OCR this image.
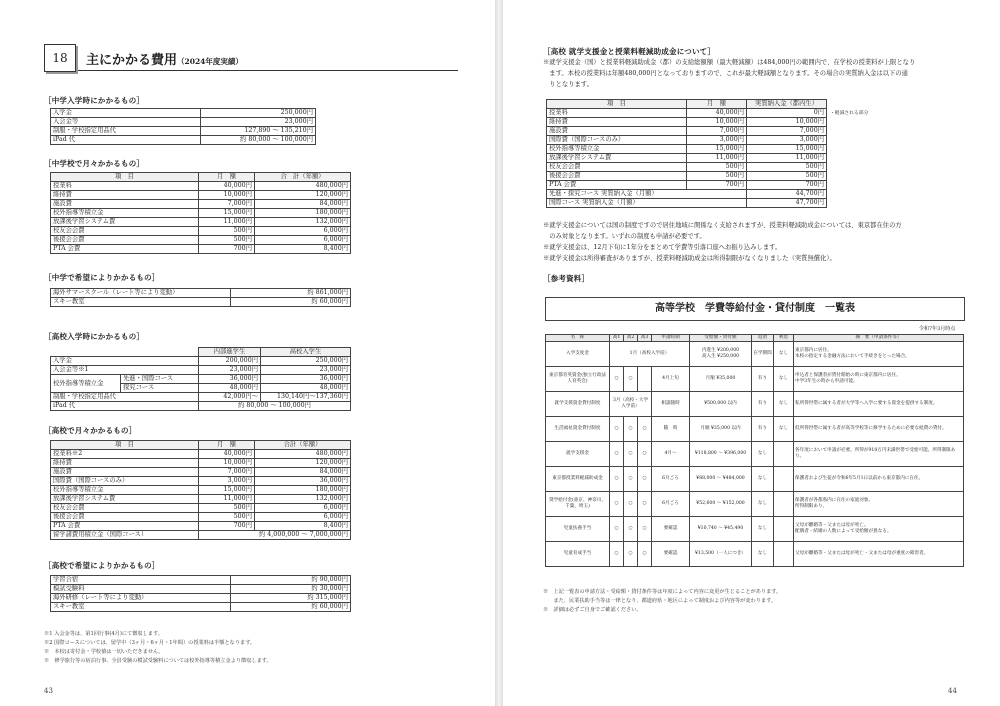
18	主にかかる費用（2024年度実績）
［中学入学時にかかるもの］
入学金	250,000円
入会金等	23,000円
制服・学校指定用品代	127,890 ～ 135,210円
iPad 代	約 80,000 ～ 100,000円
［中学校で月々かかるもの］
項　目	月　額	合　計（年額）
授業料	40,000円	480,000円
維持費	10,000円	120,000円
施設費	7,000円	84,000円
校外指導等積立金	15,000円	180,000円
放課後学習システム費	11,000円	132,000円
校友会会費	500円	6,000円
後援会会費	500円	6,000円
PTA 会費	700円	8,400円
［中学で希望によりかかるもの］
海外サマースクール（レート等により変動）	約 861,000円
スキー教室	約 60,000円
［高校入学時にかかるもの］
		内部進学生	高校入学生
入学金		200,000円	250,000円
入会金等※1		23,000円	23,000円
校外指導等積立金	先進・国際コース	36,000円	36,000円
	探究コース	48,000円	48,000円
制服・学校指定用品代		42,000円～	130,140円～137,360円
iPad 代		約 80,000 ～ 100,000円	
［高校で月々かかるもの］
項　目	月　額	合計（年額）
授業料※2	40,000円	480,000円
維持費	10,000円	120,000円
施設費	7,000円	84,000円
国際費（国際コースのみ）	3,000円	36,000円
校外指導等積立金	15,000円	180,000円
放課後学習システム費	11,000円	132,000円
校友会会費	500円	6,000円
後援会会費	500円	6,000円
PTA 会費	700円	8,400円
留学諸費用積立金（国際コース）	約 4,000,000 ～ 7,000,000円	
［高校で希望によりかかるもの］
学習合宿	約 90,000円
模試受験料	約 30,000円
海外研修（レート等により変動）	約 315,000円
スキー教室	約 60,000円
※1 入会金等は、第1回行事(4月)にて徴収します。
※2 国際コースについては、留学中（3ヶ月・6ヶ月・1年間）の授業料は半額となります。
※　本校は寄付金・学校債は一切いただきません。
※　修学旅行等の宿泊行事、全員受験の模試受験料については校外指導等積立金より徴収します。
43
［高校 就学支援金と授業料軽減助成金について］
※就学支援金（国）と授業料軽減助成金（都）の支給総額額（最大軽減額）は484,000円の範囲内で、在学校の授業料が上限となり
　ます。本校の授業料は年額480,000円となっておりますので、これが最大軽減額となります。その場合の実質納入金は以下の通
　りとなります。
項　目	月　額	実質納入金（都内生）
授業料	40,000円	0円
維持費	10,000円	10,000円
施設費	7,000円	7,000円
国際費（国際コースのみ）	3,000円	3,000円
校外指導等積立金	15,000円	15,000円
放課後学習システム費	11,000円	11,000円
校友会会費	500円	500円
後援会会費	500円	500円
PTA 会費	700円	700円
先進・探究コース 実質納入金（月額）		44,700円
国際コース 実質納入金（月額）		47,700円
・軽減される部分
※就学支援金については国の制度ですので居住地域に関係なく支給されますが、授業料軽減助成金については、東京都在住の方
　のみ対象となります。いずれの制度も申請が必要です。
※就学支援金は、12月下旬に1年分をまとめて学費等引落口座へお振り込みします。
※就学支援金は所得審査がありますが、授業料軽減助成金は所得制限がなくなりました（実質無償化）。
［参考資料］
高等学校　学費等給付金・貸付制度　一覧表
令和7年3月時点
名　称	高1	高2	高3	申請時期	受給額・貸付額	返済	利息	摘　要（申請条件等）
入学支度金	1月（高校入学前）				内進生 ¥200,000
高入生 ¥250,000	在学期間	なし	東京都内に居住。
本校の指定する金融方法において手続きをとった場合。
東京都育英資金(独立行政法人育英会)	○	○		4月上旬	月額 ¥35,000	有り	なし	申込者と保護者が貸付開始の時に東京都内に居住。
中学3年生の時から申請可能。
就学支援資金貸付制度	3月（高校・大学入学前）			相談随時	¥500,000 以内	有り	なし	私所得世帯に属する者が大学等へ入学に要する資金を提供する制度。
生活福祉資金貸付制度	○	○	○	随　時	月額 ¥35,000 以内	有り	なし	低所得世帯に属する者が高等学校等に修学するために必要な経費の貸付。
就学支援金	○	○	○	4月～	¥118,800 ～ ¥396,000	なし		各年度において申請が必要。所得が910万円未満世帯で受給可能。所得制限あり。
東京都授業料軽減助成金	○	○	○	6月ごろ	¥88,000 ～ ¥484,000	なし		保護者および生徒が令和6年5月1日以前から東京都内に在住。
奨学給付金(東京、神奈川、千葉、埼玉)	○	○	○	6月ごろ	¥52,600 ～ ¥152,000	なし		保護者が各都県内に在住の家庭対象。
所得制限あり。
児童扶養手当	○	○	○	要確認	¥10,740 ～ ¥45,490	なし		父母が離婚等・父または母が死亡。
配偶者・結婚の人数によって受給額が異なる。
児童育成手当	○	○	○	要確認	¥13,500（一人につき）	なし		父母が離婚等・父または母が死亡・父または母が重度の障害者。
※　上記一覧表の申請方法・受給額・貸付条件等は年度によって内容に変更が生じることがあります。
　　また、民業扶助手当等は一律となり、都道府県・地区によって制度および内容等が変わります。
※　詳細は必ずご自身でご確認ください。
44
